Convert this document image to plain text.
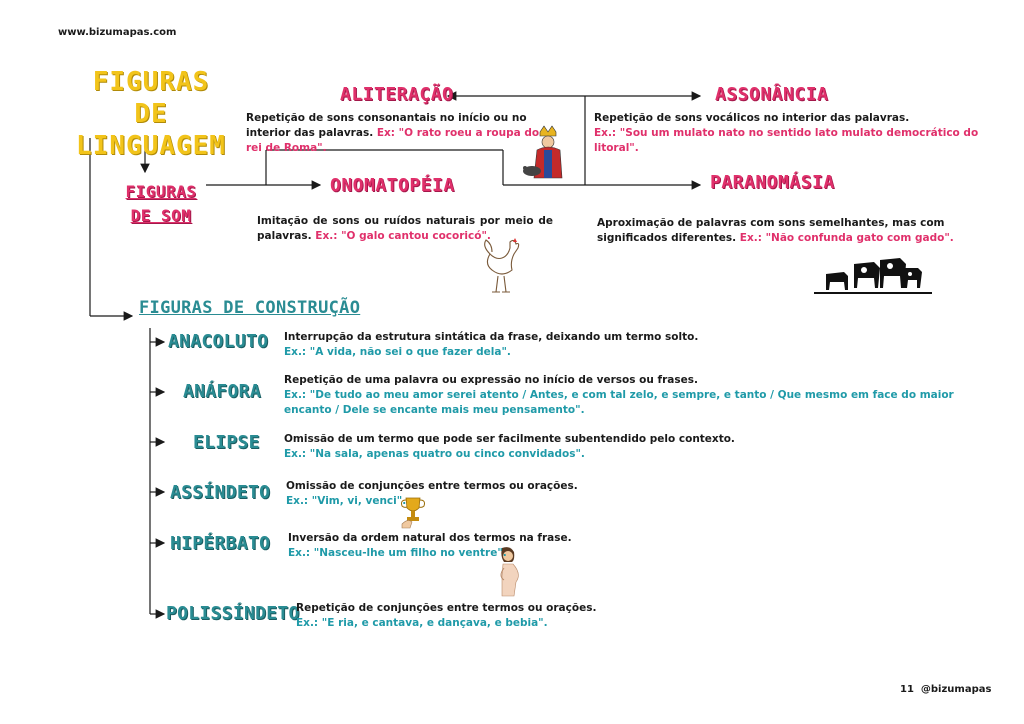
www.bizumapas.com
FIGURAS DE
LINGUAGEM
FIGURAS
DE SOM
ALITERAÇÃO
Repetição de sons consonantais no início ou no interior das palavras. Ex: "O rato roeu a roupa do rei de Roma".
ASSONÂNCIA
Repetição de sons vocálicos no interior das palavras.
Ex.: "Sou um mulato nato no sentido lato mulato democrático do litoral".
ONOMATOPÉIA
Imitação de sons ou ruídos naturais por meio de palavras. Ex.: "O galo cantou cocoricó".
PARANOMÁSIA
Aproximação de palavras com sons semelhantes, mas com significados diferentes. Ex.: "Não confunda gato com gado".
FIGURAS DE CONSTRUÇÃO
ANACOLUTO Interrupção da estrutura sintática da frase, deixando um termo solto.
Ex.: "A vida, não sei o que fazer dela".
ANÁFORA
Repetição de uma palavra ou expressão no início de versos ou frases.
Ex.: "De tudo ao meu amor serei atento / Antes, e com tal zelo, e sempre, e tanto / Que mesmo em face do maior encanto / Dele se encante mais meu pensamento".
ELIPSE Omissão de um termo que pode ser facilmente subentendido pelo contexto.
Ex.: "Na sala, apenas quatro ou cinco convidados".
ASSÍNDETO Omissão de conjunções entre termos ou orações.
Ex.: "Vim, vi, venci".
HIPÉRBATO Inversão da ordem natural dos termos na frase.
Ex.: "Nasceu-lhe um filho no ventre".
POLISSÍNDETO
Repetição de conjunções entre termos ou orações.
Ex.: "E ria, e cantava, e dançava, e bebia".
11 @bizumapas
